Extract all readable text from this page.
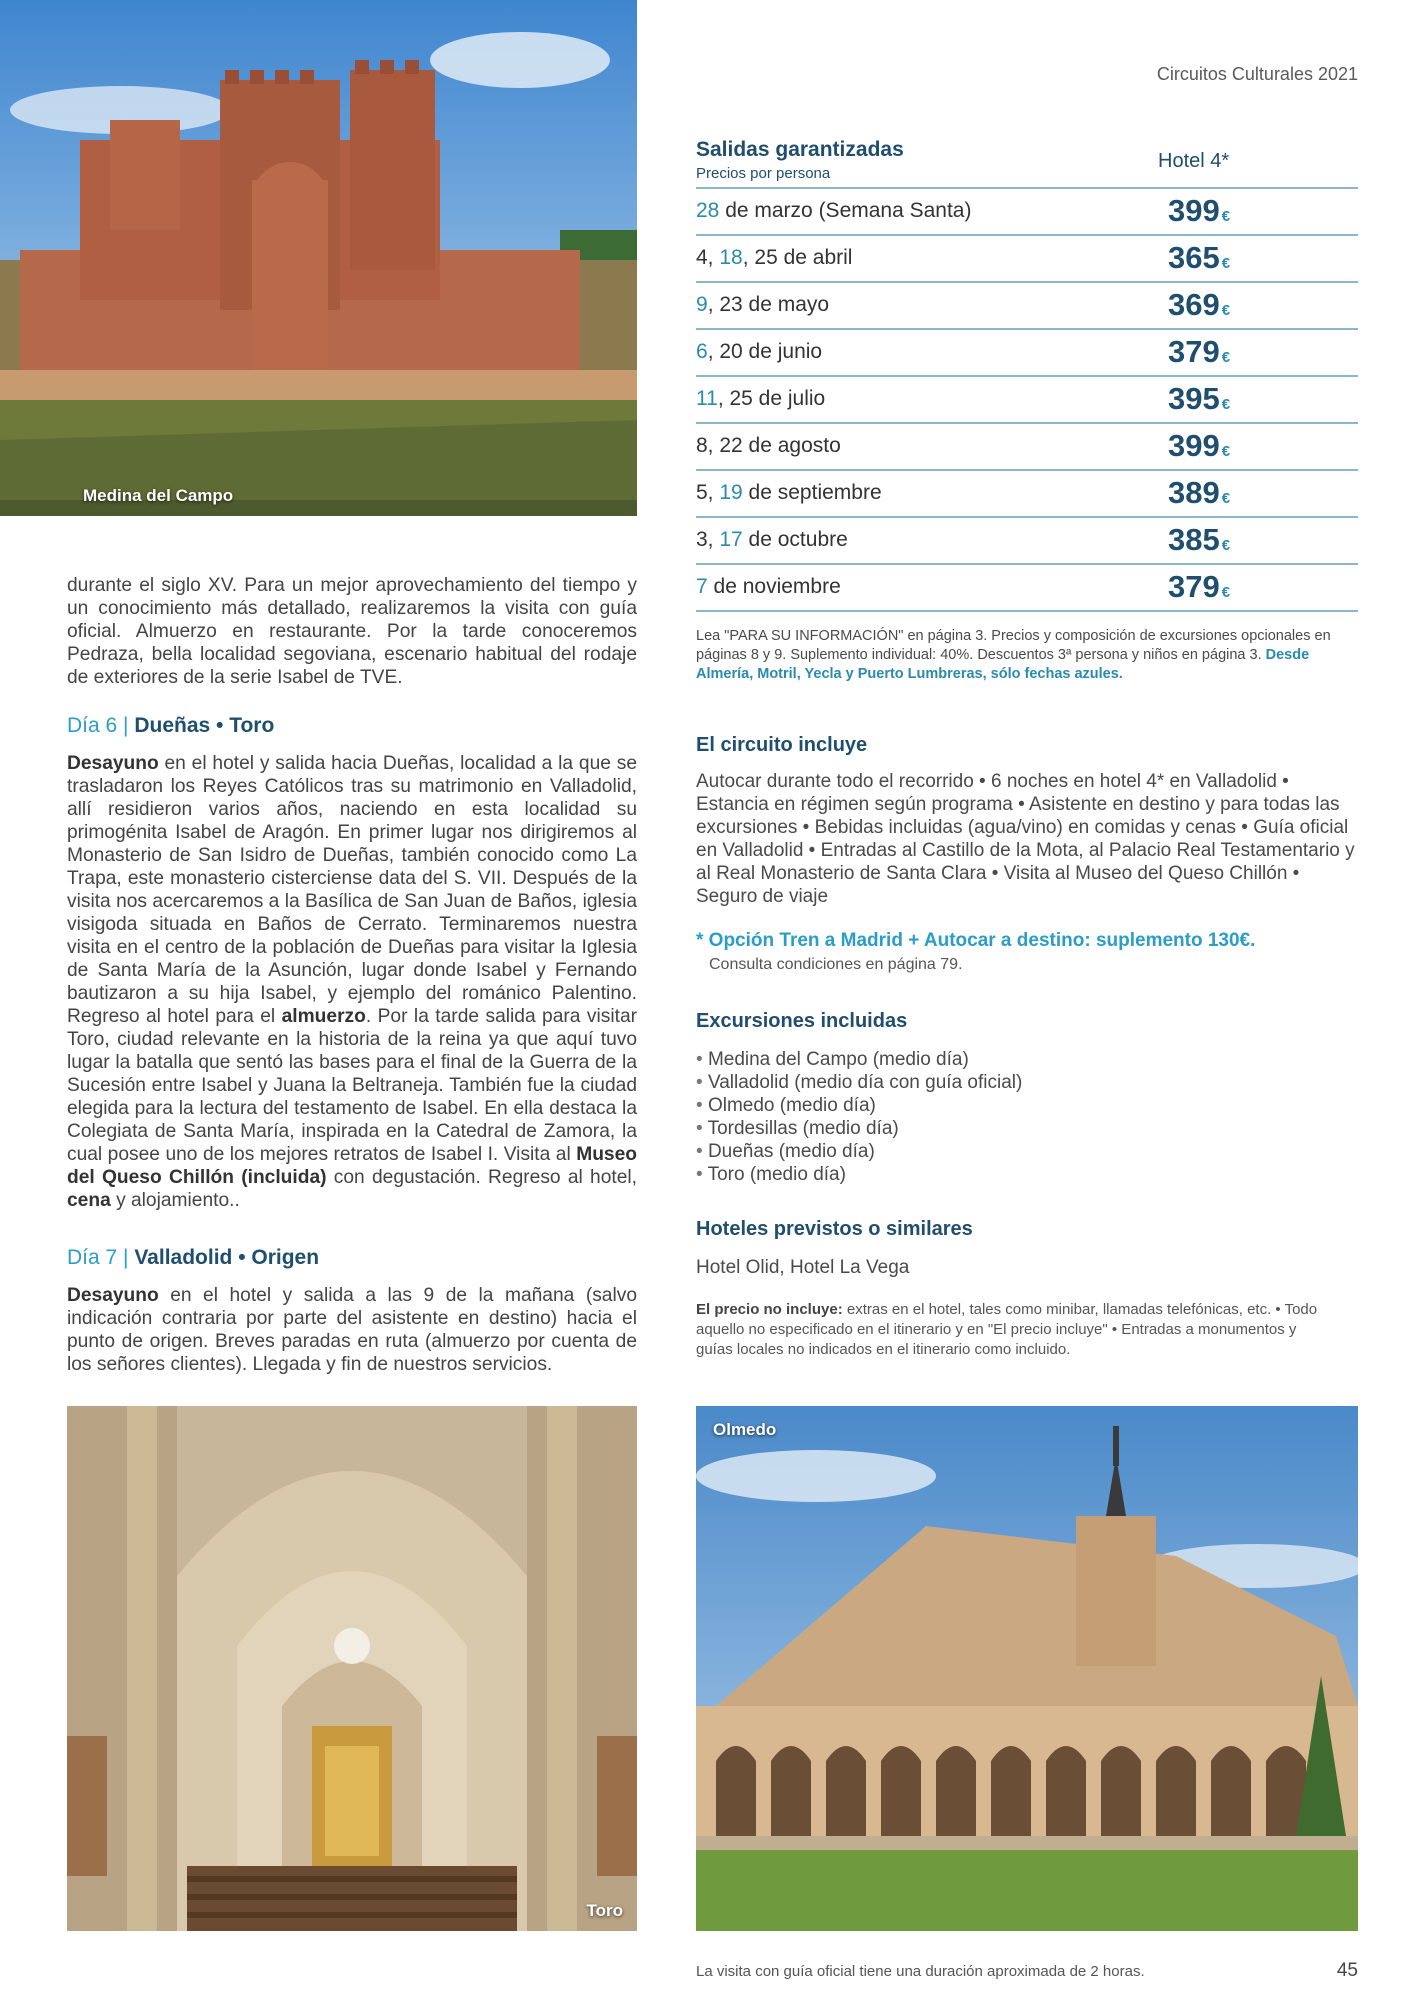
Medina del Campo
Circuitos Culturales 2021
Salidas garantizadas
Precios por persona
Hotel 4*
28 de marzo (Semana Santa)	399 €
4, 18, 25 de abril	365 €
9, 23 de mayo	369 €
6, 20 de junio	379 €
11, 25 de julio	395 €
8, 22 de agosto	399 €
5, 19 de septiembre	389 €
3, 17 de octubre	385 €
7 de noviembre	379 €
Lea "PARA SU INFORMACIÓN" en página 3. Precios y composición de excursiones opcionales en páginas 8 y 9. Suplemento individual: 40%. Descuentos 3ª persona y niños en página 3. Desde Almería, Motril, Yecla y Puerto Lumbreras, sólo fechas azules.
El circuito incluye
Autocar durante todo el recorrido • 6 noches en hotel 4* en Valladolid • Estancia en régimen según programa • Asistente en destino y para todas las excursiones • Bebidas incluidas (agua/vino) en comidas y cenas • Guía oficial en Valladolid • Entradas al Castillo de la Mota, al Palacio Real Testamentario y al Real Monasterio de Santa Clara • Visita al Museo del Queso Chillón • Seguro de viaje
* Opción Tren a Madrid + Autocar a destino: suplemento 130€.
Consulta condiciones en página 79.
Excursiones incluidas
• Medina del Campo (medio día)
• Valladolid (medio día con guía oficial)
• Olmedo (medio día)
• Tordesillas (medio día)
• Dueñas (medio día)
• Toro (medio día)
Hoteles previstos o similares
Hotel Olid, Hotel La Vega
El precio no incluye: extras en el hotel, tales como minibar, llamadas telefónicas, etc. • Todo aquello no especificado en el itinerario y en "El precio incluye" • Entradas a monumentos y guías locales no indicados en el itinerario como incluido.
durante el siglo XV. Para un mejor aprovechamiento del tiempo y un conocimiento más detallado, realizaremos la visita con guía oficial. Almuerzo en restaurante. Por la tarde conoceremos Pedraza, bella localidad segoviana, escenario habitual del rodaje de exteriores de la serie Isabel de TVE.
Día 6 | Dueñas • Toro
Desayuno en el hotel y salida hacia Dueñas, localidad a la que se trasladaron los Reyes Católicos tras su matrimonio en Valladolid, allí residieron varios años, naciendo en esta localidad su primogénita Isabel de Aragón. En primer lugar nos dirigiremos al Monasterio de San Isidro de Dueñas, también conocido como La Trapa, este monasterio cisterciense data del S. VII. Después de la visita nos acercaremos a la Basílica de San Juan de Baños, iglesia visigoda situada en Baños de Cerrato. Terminaremos nuestra visita en el centro de la población de Dueñas para visitar la Iglesia de Santa María de la Asunción, lugar donde Isabel y Fernando bautizaron a su hija Isabel, y ejemplo del románico Palentino. Regreso al hotel para el almuerzo. Por la tarde salida para visitar Toro, ciudad relevante en la historia de la reina ya que aquí tuvo lugar la batalla que sentó las bases para el final de la Guerra de la Sucesión entre Isabel y Juana la Beltraneja. También fue la ciudad elegida para la lectura del testamento de Isabel. En ella destaca la Colegiata de Santa María, inspirada en la Catedral de Zamora, la cual posee uno de los mejores retratos de Isabel I. Visita al Museo del Queso Chillón (incluida) con degustación. Regreso al hotel, cena y alojamiento..
Día 7 | Valladolid • Origen
Desayuno en el hotel y salida a las 9 de la mañana (salvo indicación contraria por parte del asistente en destino) hacia el punto de origen. Breves paradas en ruta (almuerzo por cuenta de los señores clientes). Llegada y fin de nuestros servicios.
Toro
Olmedo
La visita con guía oficial tiene una duración aproximada de 2 horas.	45
